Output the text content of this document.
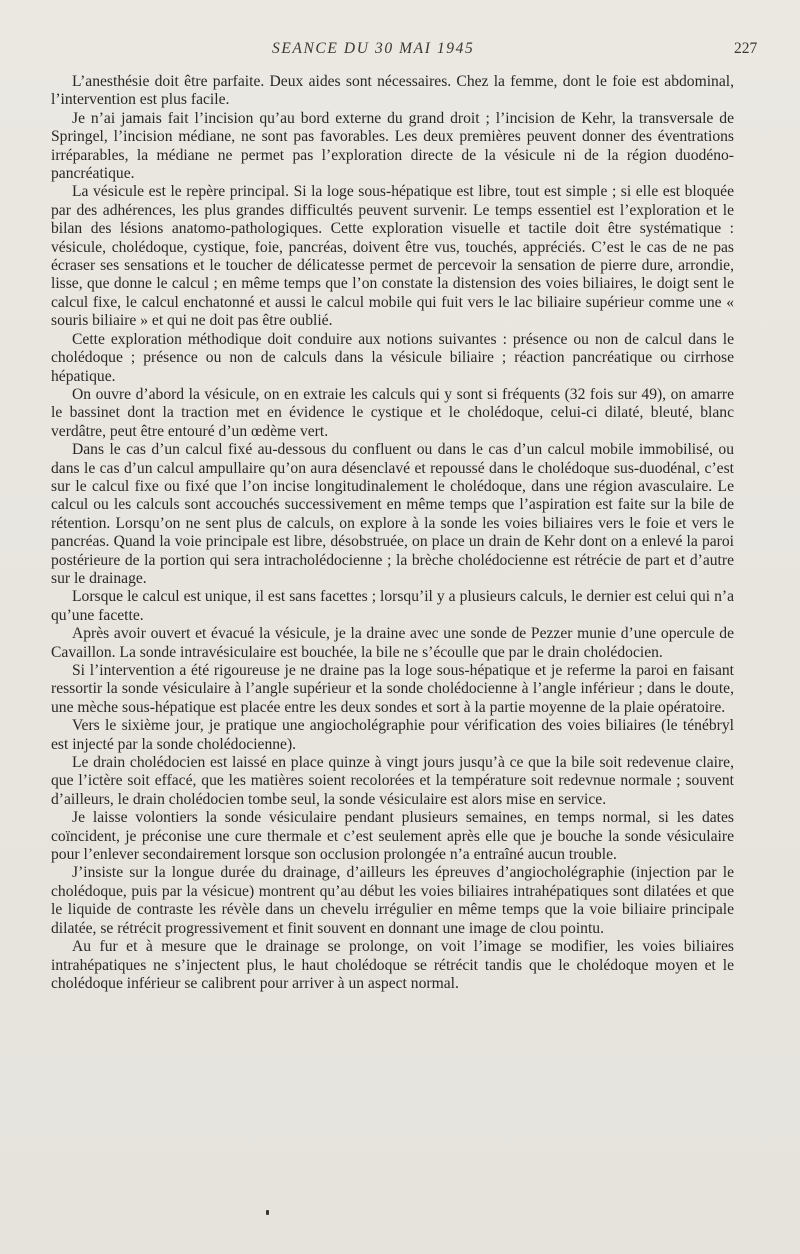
SEANCE DU 30 MAI 1945	227

L’anesthésie doit être parfaite. Deux aides sont nécessaires. Chez la femme, dont le foie est abdominal, l’intervention est plus facile.

Je n’ai jamais fait l’incision qu’au bord externe du grand droit ; l’incision de Kehr, la transversale de Springel, l’incision médiane, ne sont pas favorables. Les deux premières peuvent donner des éventrations irréparables, la médiane ne permet pas l’exploration directe de la vésicule ni de la région duodéno-pancréatique.

La vésicule est le repère principal. Si la loge sous-hépatique est libre, tout est simple ; si elle est bloquée par des adhérences, les plus grandes difficultés peuvent survenir. Le temps essentiel est l’exploration et le bilan des lésions anatomo-pathologiques. Cette exploration visuelle et tactile doit être systématique : vésicule, cholédoque, cystique, foie, pancréas, doivent être vus, touchés, appréciés. C’est le cas de ne pas écraser ses sensations et le toucher de délicatesse permet de percevoir la sensation de pierre dure, arrondie, lisse, que donne le calcul ; en même temps que l’on constate la distension des voies biliaires, le doigt sent le calcul fixe, le calcul enchatonné et aussi le calcul mobile qui fuit vers le lac biliaire supérieur comme une « souris biliaire » et qui ne doit pas être oublié.

Cette exploration méthodique doit conduire aux notions suivantes : présence ou non de calcul dans le cholédoque ; présence ou non de calculs dans la vésicule biliaire ; réaction pancréatique ou cirrhose hépatique.

On ouvre d’abord la vésicule, on en extraie les calculs qui y sont si fréquents (32 fois sur 49), on amarre le bassinet dont la traction met en évidence le cystique et le cholédoque, celui-ci dilaté, bleuté, blanc verdâtre, peut être entouré d’un œdème vert.

Dans le cas d’un calcul fixé au-dessous du confluent ou dans le cas d’un calcul mobile immobilisé, ou dans le cas d’un calcul ampullaire qu’on aura désenclavé et repoussé dans le cholédoque sus-duodénal, c’est sur le calcul fixe ou fixé que l’on incise longitudinalement le cholédoque, dans une région avasculaire. Le calcul ou les calculs sont accouchés successivement en même temps que l’aspiration est faite sur la bile de rétention. Lorsqu’on ne sent plus de calculs, on explore à la sonde les voies biliaires vers le foie et vers le pancréas. Quand la voie principale est libre, désobstruée, on place un drain de Kehr dont on a enlevé la paroi postérieure de la portion qui sera intracholédocienne ; la brèche cholédocienne est rétrécie de part et d’autre sur le drainage.

Lorsque le calcul est unique, il est sans facettes ; lorsqu’il y a plusieurs calculs, le dernier est celui qui n’a qu’une facette.

Après avoir ouvert et évacué la vésicule, je la draine avec une sonde de Pezzer munie d’une opercule de Cavaillon. La sonde intravésiculaire est bouchée, la bile ne s’écoulle que par le drain cholédocien.

Si l’intervention a été rigoureuse je ne draine pas la loge sous-hépatique et je referme la paroi en faisant ressortir la sonde vésiculaire à l’angle supérieur et la sonde cholédocienne à l’angle inférieur ; dans le doute, une mèche sous-hépatique est placée entre les deux sondes et sort à la partie moyenne de la plaie opératoire.

Vers le sixième jour, je pratique une angiocholégraphie pour vérification des voies biliaires (le ténébryl est injecté par la sonde cholédocienne).

Le drain cholédocien est laissé en place quinze à vingt jours jusqu’à ce que la bile soit redevenue claire, que l’ictère soit effacé, que les matières soient recolorées et la température soit redevnue normale ; souvent d’ailleurs, le drain cholédocien tombe seul, la sonde vésiculaire est alors mise en service.

Je laisse volontiers la sonde vésiculaire pendant plusieurs semaines, en temps normal, si les dates coïncident, je préconise une cure thermale et c’est seulement après elle que je bouche la sonde vésiculaire pour l’enlever secondairement lorsque son occlusion prolongée n’a entraîné aucun trouble.

J’insiste sur la longue durée du drainage, d’ailleurs les épreuves d’angiocholégraphie (injection par le cholédoque, puis par la vésicue) montrent qu’au début les voies biliaires intrahépatiques sont dilatées et que le liquide de contraste les révèle dans un chevelu irrégulier en même temps que la voie biliaire principale dilatée, se rétrécit progressivement et finit souvent en donnant une image de clou pointu.

Au fur et à mesure que le drainage se prolonge, on voit l’image se modifier, les voies biliaires intrahépatiques ne s’injectent plus, le haut cholédoque se rétrécit tandis que le cholédoque moyen et le cholédoque inférieur se calibrent pour arriver à un aspect normal.
